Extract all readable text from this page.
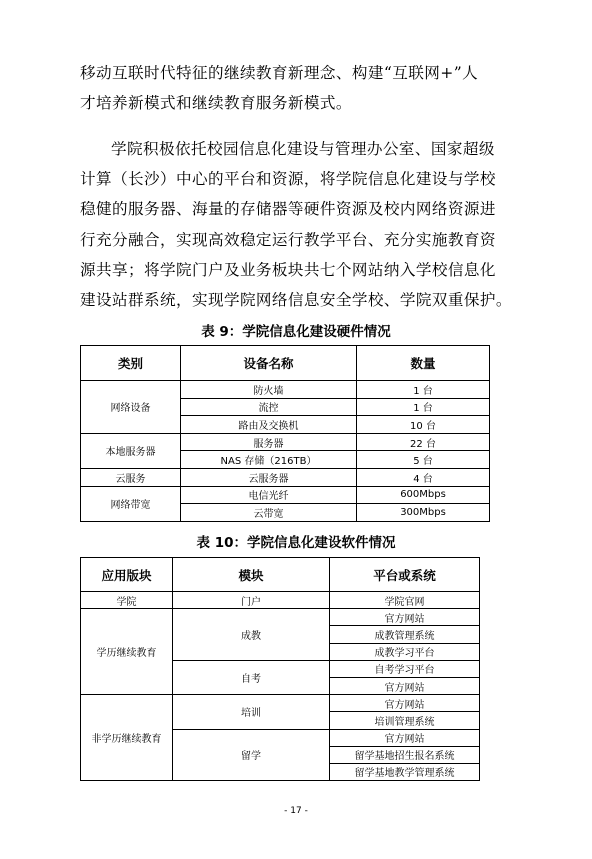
移动互联时代特征的继续教育新理念、构建“互联网+”人
才培养新模式和继续教育服务新模式。
学院积极依托校园信息化建设与管理办公室、国家超级
计算（长沙）中心的平台和资源，将学院信息化建设与学校
稳健的服务器、海量的存储器等硬件资源及校内网络资源进
行充分融合，实现高效稳定运行教学平台、充分实施教育资
源共享；将学院门户及业务板块共七个网站纳入学校信息化
建设站群系统，实现学院网络信息安全学校、学院双重保护。
表 9：学院信息化建设硬件情况
类别	设备名称	数量
网络设备	防火墙	1 台
	流控	1 台
	路由及交换机	10 台
本地服务器	服务器	22 台
	NAS 存储（216TB）	5 台
云服务	云服务器	4 台
网络带宽	电信光纤	600Mbps
	云带宽	300Mbps
表 10：学院信息化建设软件情况
应用版块	模块	平台或系统
学院	门户	学院官网
学历继续教育	成教	官方网站
		成教管理系统
		成教学习平台
	自考	自考学习平台
		官方网站
非学历继续教育	培训	官方网站
		培训管理系统
	留学	官方网站
		留学基地招生报名系统
		留学基地教学管理系统
- 17 -
